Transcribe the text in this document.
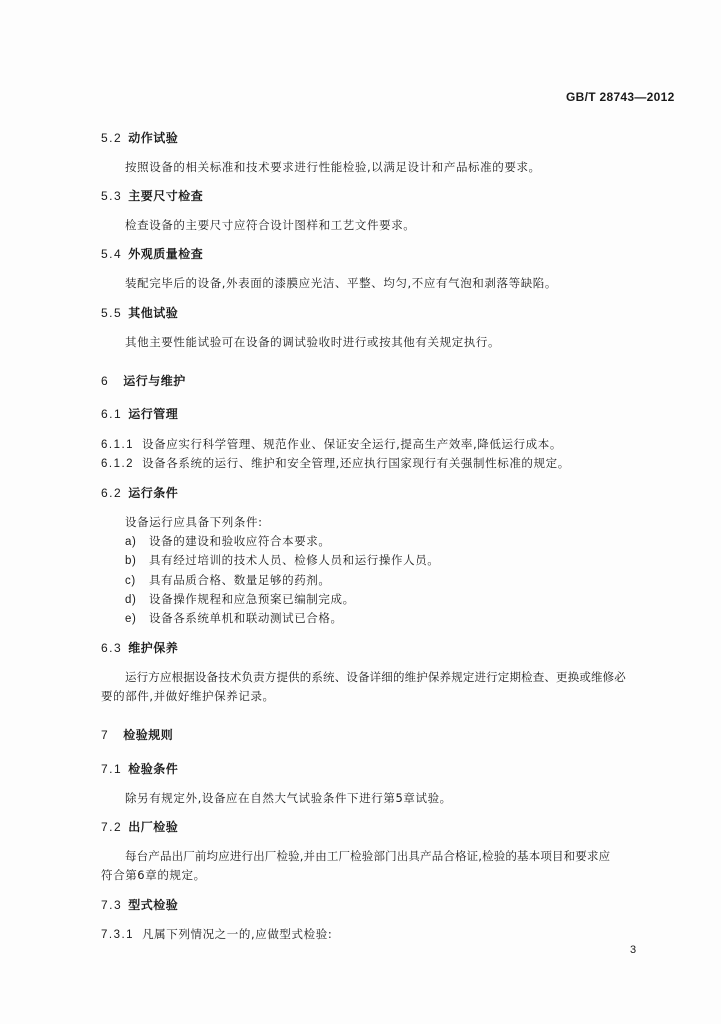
GB/T 28743—2012
5.2 动作试验
按照设备的相关标准和技术要求进行性能检验,以满足设计和产品标准的要求。
5.3 主要尺寸检查
检查设备的主要尺寸应符合设计图样和工艺文件要求。
5.4 外观质量检查
装配完毕后的设备,外表面的漆膜应光洁、平整、均匀,不应有气泡和剥落等缺陷。
5.5 其他试验
其他主要性能试验可在设备的调试验收时进行或按其他有关规定执行。
6 运行与维护
6.1 运行管理
6.1.1 设备应实行科学管理、规范作业、保证安全运行,提高生产效率,降低运行成本。
6.1.2 设备各系统的运行、维护和安全管理,还应执行国家现行有关强制性标准的规定。
6.2 运行条件
设备运行应具备下列条件:
a) 设备的建设和验收应符合本要求。
b) 具有经过培训的技术人员、检修人员和运行操作人员。
c) 具有品质合格、数量足够的药剂。
d) 设备操作规程和应急预案已编制完成。
e) 设备各系统单机和联动测试已合格。
6.3 维护保养
运行方应根据设备技术负责方提供的系统、设备详细的维护保养规定进行定期检查、更换或维修必
要的部件,并做好维护保养记录。
7 检验规则
7.1 检验条件
除另有规定外,设备应在自然大气试验条件下进行第5章试验。
7.2 出厂检验
每台产品出厂前均应进行出厂检验,并由工厂检验部门出具产品合格证,检验的基本项目和要求应
符合第6章的规定。
7.3 型式检验
7.3.1 凡属下列情况之一的,应做型式检验:
3
